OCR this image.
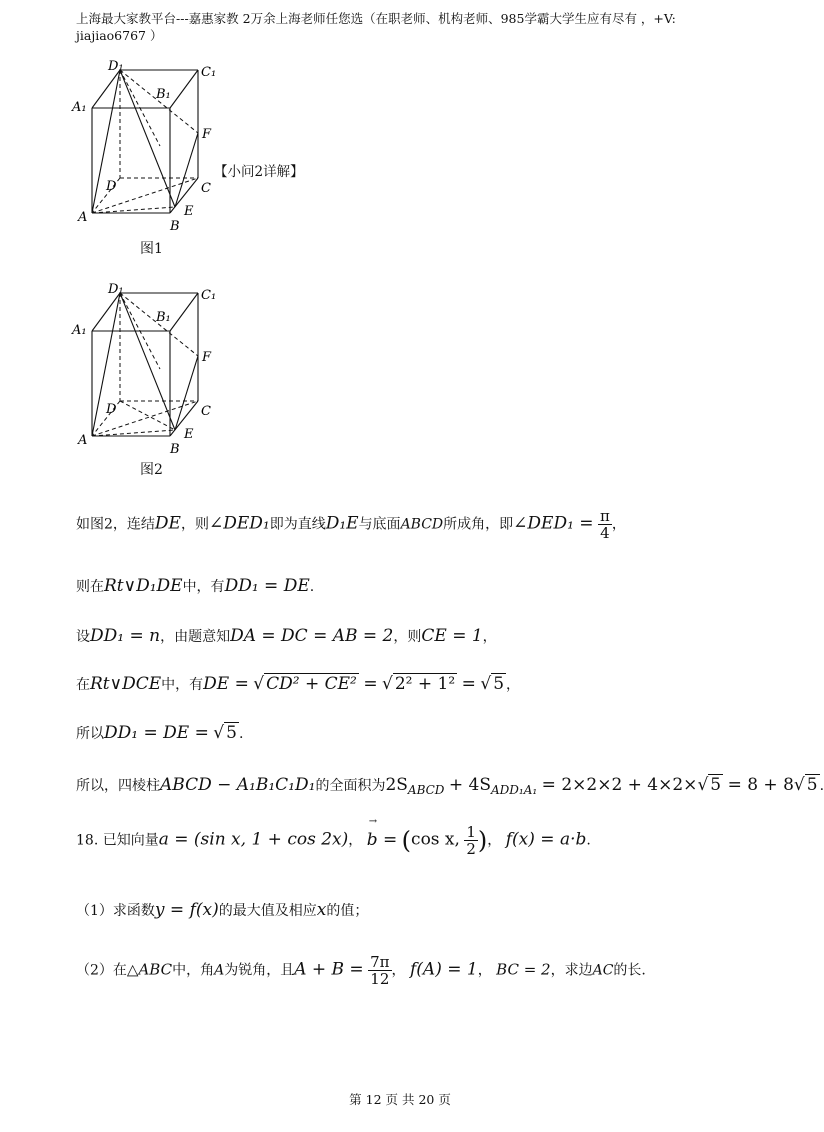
上海最大家教平台---嘉惠家教 2万余上海老师任您选（在职老师、机构老师、985学霸大学生应有尽有 ，+V:
jiajiao6767 ）
D₁	C₁
A₁
B₁
F
D	C
A
B
E
图1
【小问2详解】
D₁	C₁
A₁
B₁
F
D	C
A
B
E
图2
如图2，连结DE，则∠DED₁即为直线D₁E与底面ABCD所成角，即∠DED₁ = $\frac{\pi}{4}$ ，
则在Rt∨D₁DE中，有DD₁ = DE.
设DD₁ = n，由题意知DA = DC = AB = 2，则CE = 1，
在Rt∨DCE中，有DE = √ CD² + CE² = √ 2² + 1² = √ 5 ，
所以DD₁ = DE = √ 5 .
所以，四棱柱ABCD − A₁B₁C₁D₁的全面积为$2S_{ABCD} + 4S_{ADD_1A_1} = 2\times 2\times 2 + 4\times 2\times√$ 5 = 8 + 8√ 5 .
18. 已知向量a = (sin x, 1 + cos 2x)，
→
b = (cos x, $\frac{1}{2}$ )， f(x) = a·b.
（1）求函数y = f(x)的最大值及相应x的值；
（2）在△ABC中，角A为锐角，且$A + B = \frac{7\pi}{12}$ ， f(A) = 1， BC = 2，求边AC的长.
第 12 页 共 20 页
